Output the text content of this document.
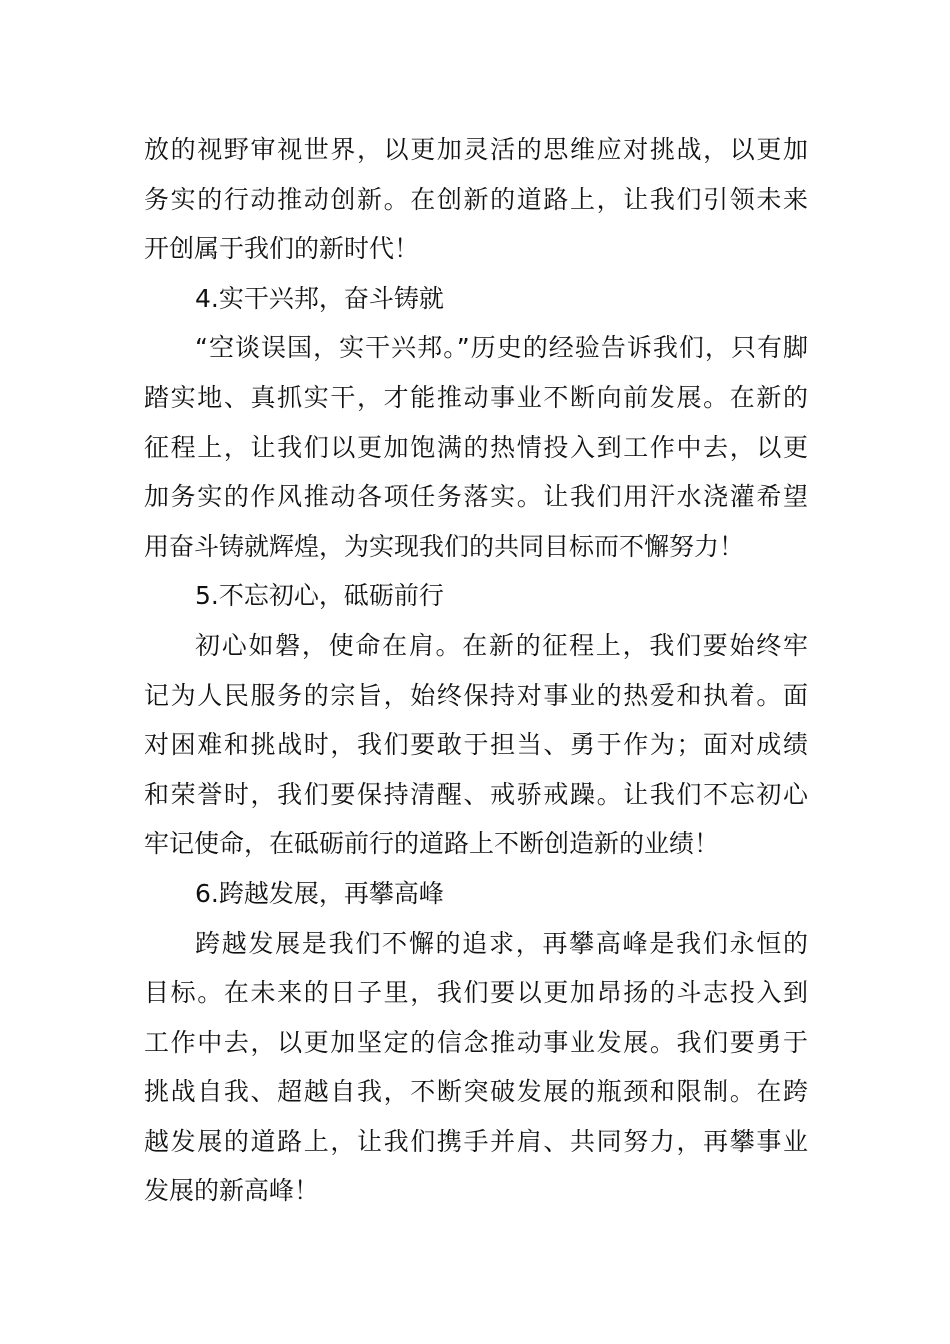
放的视野审视世界，以更加灵活的思维应对挑战，以更加
务实的行动推动创新。在创新的道路上，让我们引领未来
开创属于我们的新时代！
4.实干兴邦，奋斗铸就
“空谈误国，实干兴邦。”历史的经验告诉我们，只有脚
踏实地、真抓实干，才能推动事业不断向前发展。在新的
征程上，让我们以更加饱满的热情投入到工作中去，以更
加务实的作风推动各项任务落实。让我们用汗水浇灌希望
用奋斗铸就辉煌，为实现我们的共同目标而不懈努力！
5.不忘初心，砥砺前行
初心如磐，使命在肩。在新的征程上，我们要始终牢
记为人民服务的宗旨，始终保持对事业的热爱和执着。面
对困难和挑战时，我们要敢于担当、勇于作为；面对成绩
和荣誉时，我们要保持清醒、戒骄戒躁。让我们不忘初心
牢记使命，在砥砺前行的道路上不断创造新的业绩！
6.跨越发展，再攀高峰
跨越发展是我们不懈的追求，再攀高峰是我们永恒的
目标。在未来的日子里，我们要以更加昂扬的斗志投入到
工作中去，以更加坚定的信念推动事业发展。我们要勇于
挑战自我、超越自我，不断突破发展的瓶颈和限制。在跨
越发展的道路上，让我们携手并肩、共同努力，再攀事业
发展的新高峰！
